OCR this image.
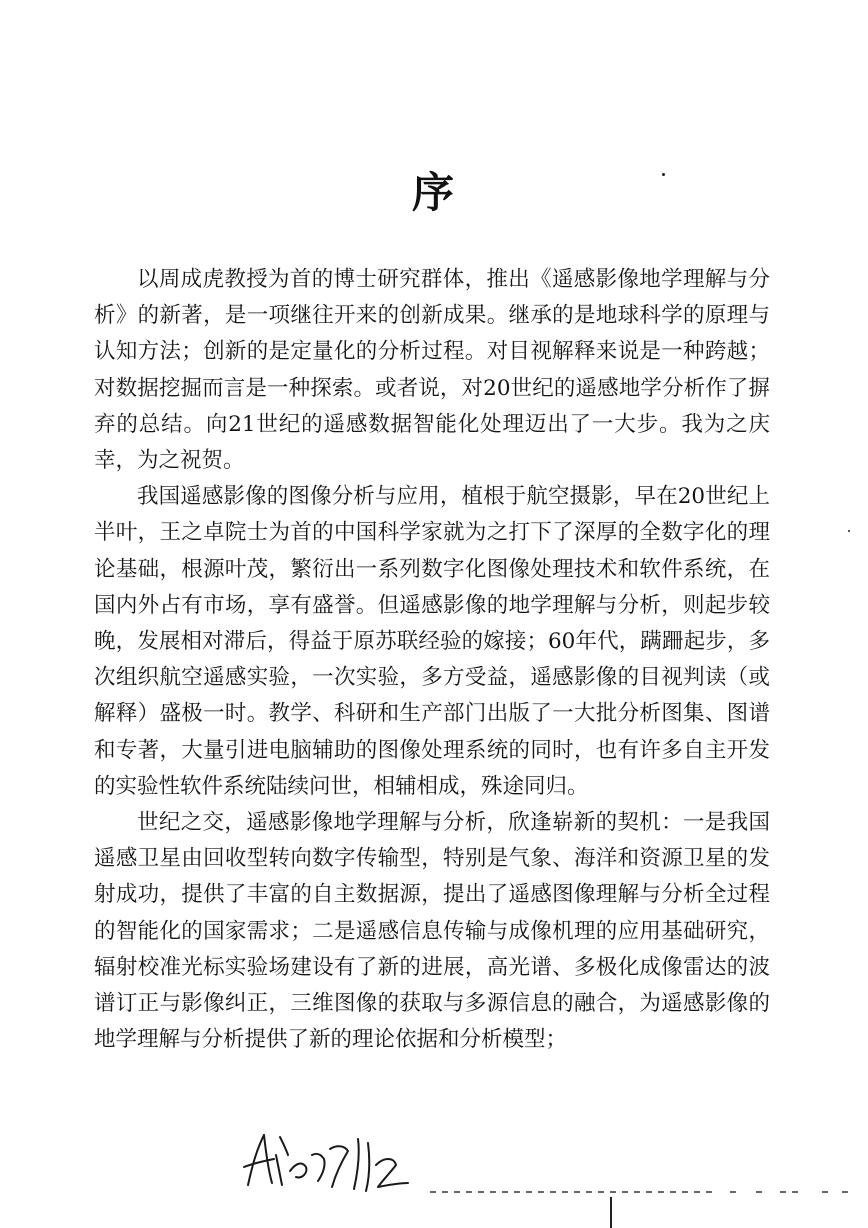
序

以周成虎教授为首的博士研究群体，推出《遥感影像地学理解与分析》的新著，是一项继往开来的创新成果。继承的是地球科学的原理与认知方法；创新的是定量化的分析过程。对目视解释来说是一种跨越；对数据挖掘而言是一种探索。或者说，对20世纪的遥感地学分析作了摒弃的总结。向21世纪的遥感数据智能化处理迈出了一大步。我为之庆幸，为之祝贺。

我国遥感影像的图像分析与应用，植根于航空摄影，早在20世纪上半叶，王之卓院士为首的中国科学家就为之打下了深厚的全数字化的理论基础，根源叶茂，繁衍出一系列数字化图像处理技术和软件系统，在国内外占有市场，享有盛誉。但遥感影像的地学理解与分析，则起步较晚，发展相对滞后，得益于原苏联经验的嫁接；60年代，蹒跚起步，多次组织航空遥感实验，一次实验，多方受益，遥感影像的目视判读（或解释）盛极一时。教学、科研和生产部门出版了一大批分析图集、图谱和专著，大量引进电脑辅助的图像处理系统的同时，也有许多自主开发的实验性软件系统陆续问世，相辅相成，殊途同归。

世纪之交，遥感影像地学理解与分析，欣逢崭新的契机：一是我国遥感卫星由回收型转向数字传输型，特别是气象、海洋和资源卫星的发射成功，提供了丰富的自主数据源，提出了遥感图像理解与分析全过程的智能化的国家需求；二是遥感信息传输与成像机理的应用基础研究，辐射校准光标实验场建设有了新的进展，高光谱、多极化成像雷达的波谱订正与影像纠正，三维图像的获取与多源信息的融合，为遥感影像的地学理解与分析提供了新的理论依据和分析模型；
